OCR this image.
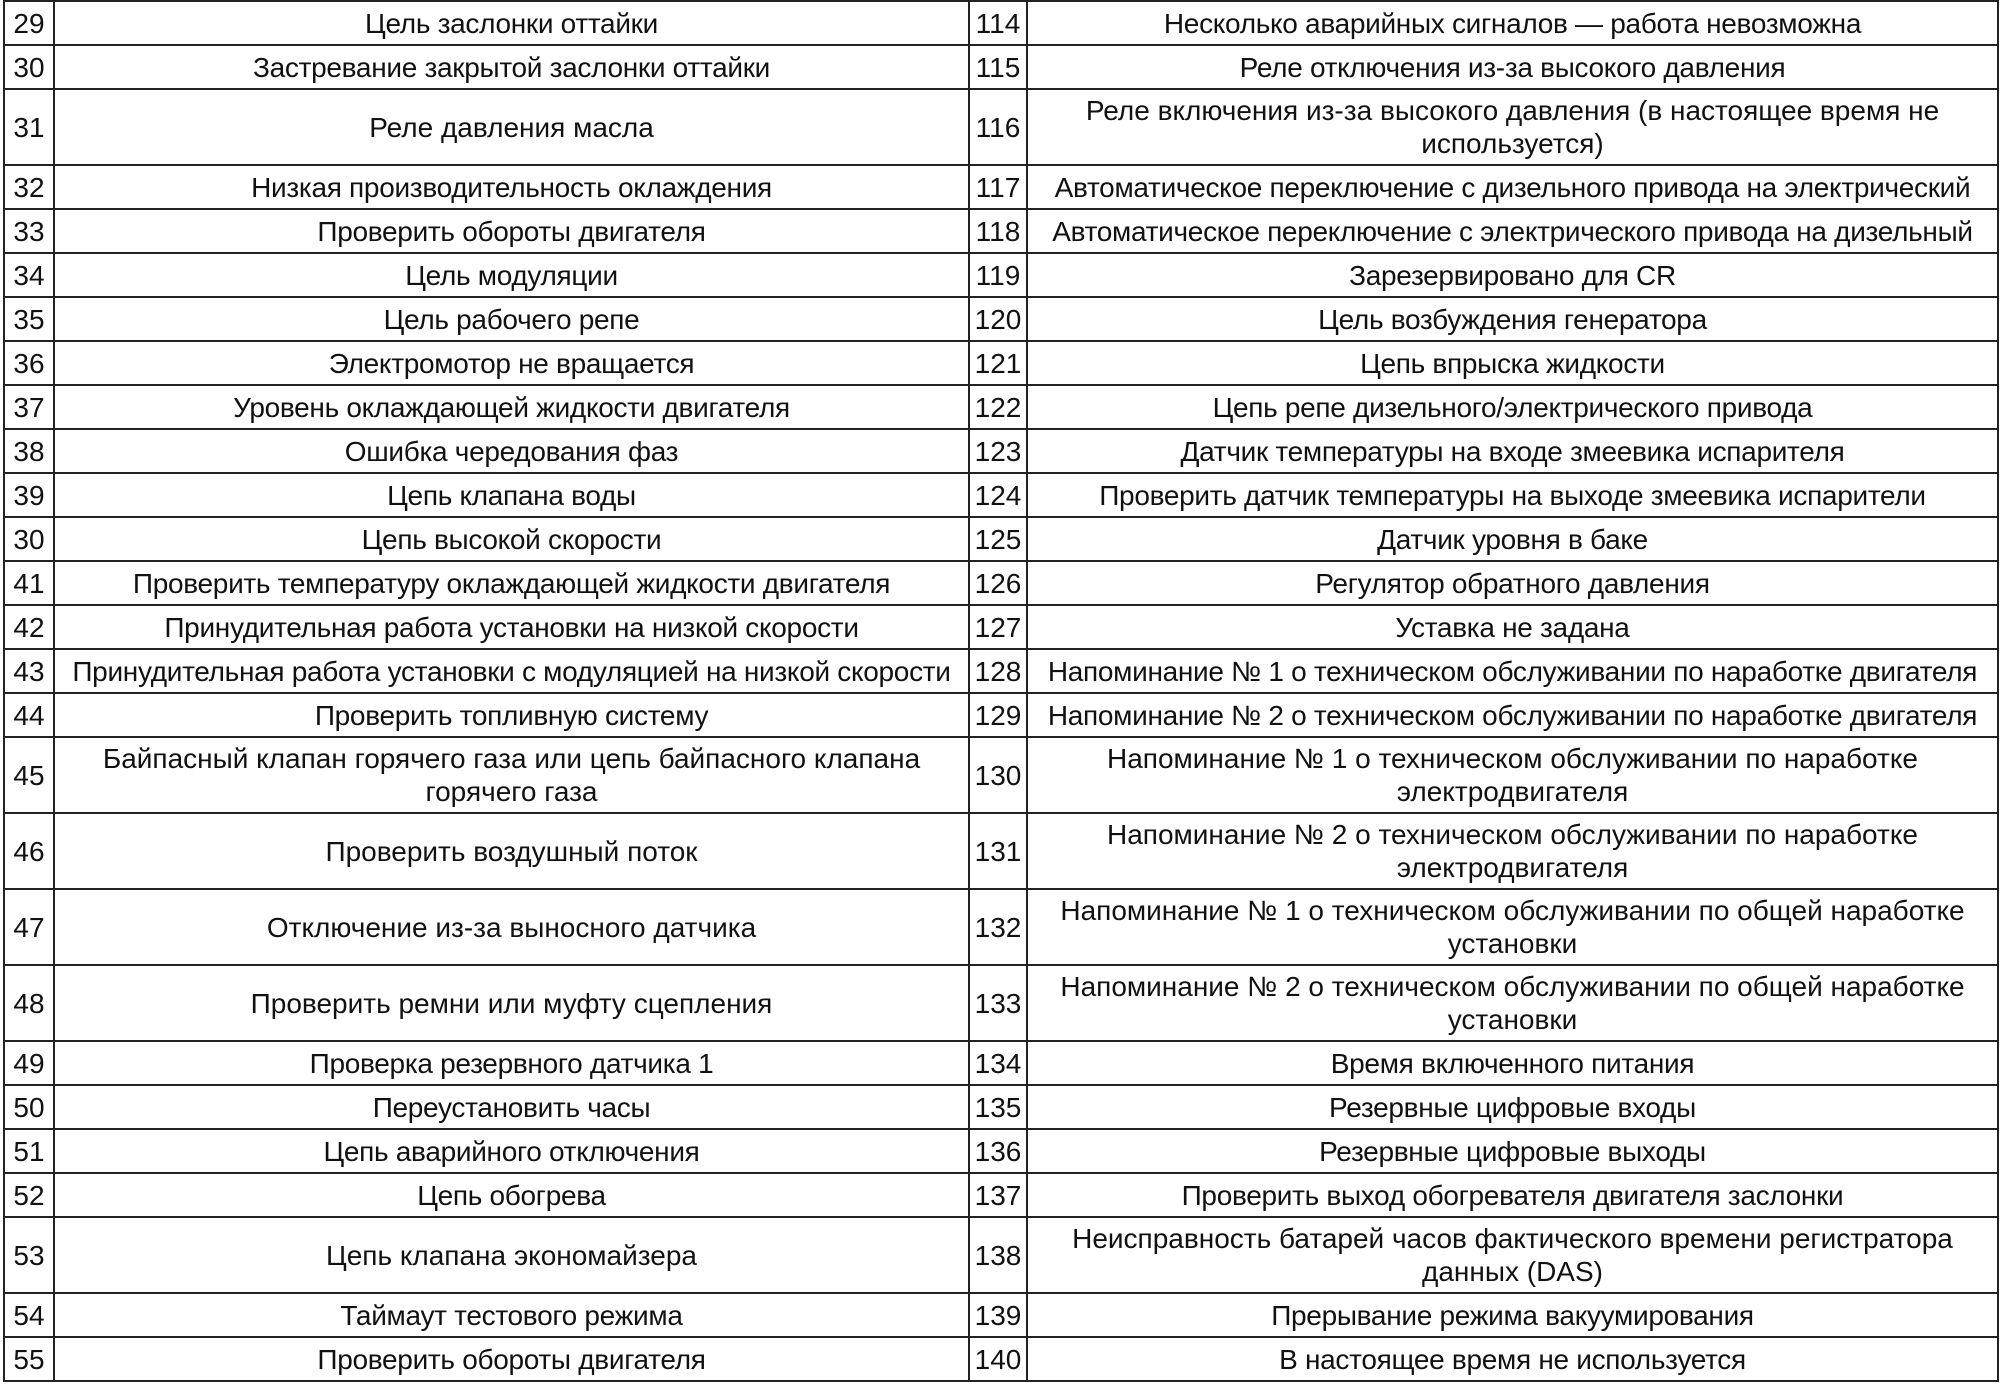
29	Цель заслонки оттайки	114	Несколько аварийных сигналов — работа невозможна
30	Застревание закрытой заслонки оттайки	115	Реле отключения из-за высокого давления
31	Реле давления масла	116	Реле включения из-за высокого давления (в настоящее время не используется)
32	Низкая производительность оклаждения	117	Автоматическое переключение с дизельного привода на электрический
33	Проверить обороты двигателя	118	Автоматическое переключение с электрического привода на дизельный
34	Цель модуляции	119	Зарезервировано для CR
35	Цель рабочего репе	120	Цель возбуждения генератора
36	Электромотор не вращается	121	Цепь впрыска жидкости
37	Уровень оклаждающей жидкости двигателя	122	Цепь репе дизельного/электрического привода
38	Ошибка чередования фаз	123	Датчик температуры на входе змеевика испарителя
39	Цепь клапана воды	124	Проверить датчик температуры на выходе змеевика испарители
30	Цепь высокой скорости	125	Датчик уровня в баке
41	Проверить температуру оклаждающей жидкости двигателя	126	Регулятор обратного давления
42	Принудительная работа установки на низкой скорости	127	Уставка не задана
43	Принудительная работа установки с модуляцией на низкой скорости	128	Напоминание № 1 о техническом обслуживании по наработке двигателя
44	Проверить топливную систему	129	Напоминание № 2 о техническом обслуживании по наработке двигателя
45	Байпасный клапан горячего газа или цепь байпасного клапана горячего газа	130	Напоминание № 1 о техническом обслуживании по наработке электродвигателя
46	Проверить воздушный поток	131	Напоминание № 2 о техническом обслуживании по наработке электродвигателя
47	Отключение из-за выносного датчика	132	Напоминание № 1 о техническом обслуживании по общей наработке установки
48	Проверить ремни или муфту сцепления	133	Напоминание № 2 о техническом обслуживании по общей наработке установки
49	Проверка резервного датчика 1	134	Время включенного питания
50	Переустановить часы	135	Резервные цифровые входы
51	Цепь аварийного отключения	136	Резервные цифровые выходы
52	Цепь обогрева	137	Проверить выход обогревателя двигателя заслонки
53	Цепь клапана экономайзера	138	Неисправность батарей часов фактического времени регистратора данных (DAS)
54	Таймаут тестового режима	139	Прерывание режима вакуумирования
55	Проверить обороты двигателя	140	В настоящее время не используется
